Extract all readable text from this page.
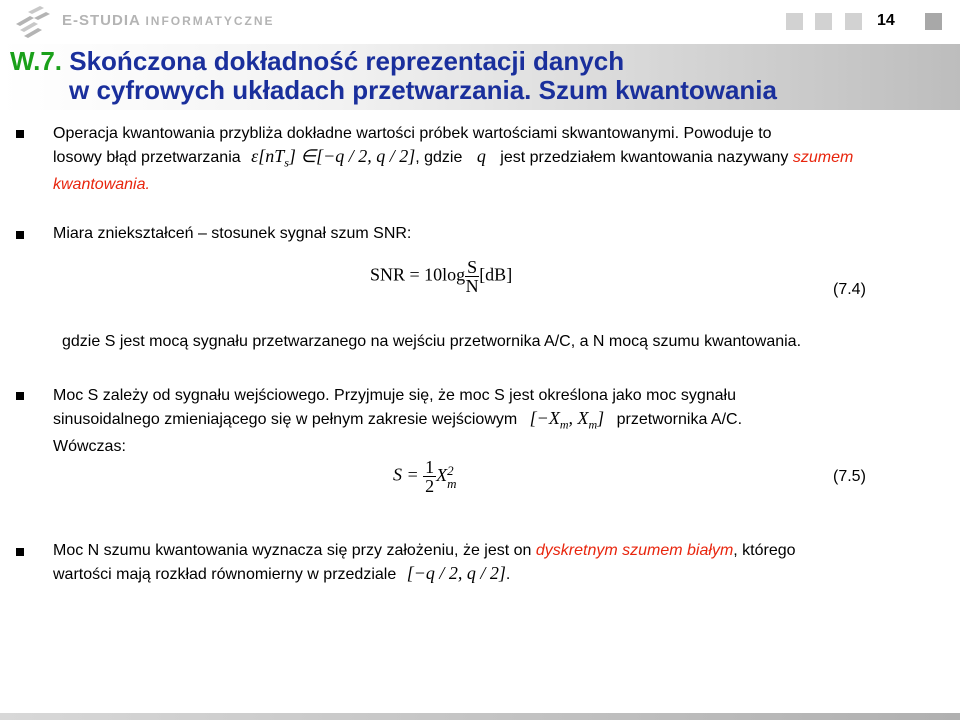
E-STUDIA INFORMATYCZNE	14
W.7. Skończona dokładność reprezentacji danych
w cyfrowych układach przetwarzania. Szum kwantowania
Operacja kwantowania przybliża dokładne wartości próbek wartościami skwantowanymi. Powoduje to
losowy błąd przetwarzania $\varepsilon[nT_s]$ ∈[−q / 2, q / 2], gdzie q jest przedziałem kwantowania nazywany szumem
kwantowania.
Miara zniekształceń – stosunek sygnał szum SNR:
SNR = $10\log \frac{S}{N} [dB]$
(7.4)
gdzie S jest mocą sygnału przetwarzanego na wejściu przetwornika A/C, a N mocą szumu kwantowania.
Moc S zależy od sygnału wejściowego. Przyjmuje się, że moc S jest określona jako moc sygnału
sinusoidalnego zmieniającego się w pełnym zakresie wejściowym [$-X_m$, $X_m$] przetwornika A/C.
Wówczas:
$S = \frac{1}{2}$ X 2
m	(7.5)
Moc N szumu kwantowania wyznacza się przy założeniu, że jest on dyskretnym szumem białym, którego
wartości mają rozkład równomierny w przedziale [−q / 2, q / 2].
